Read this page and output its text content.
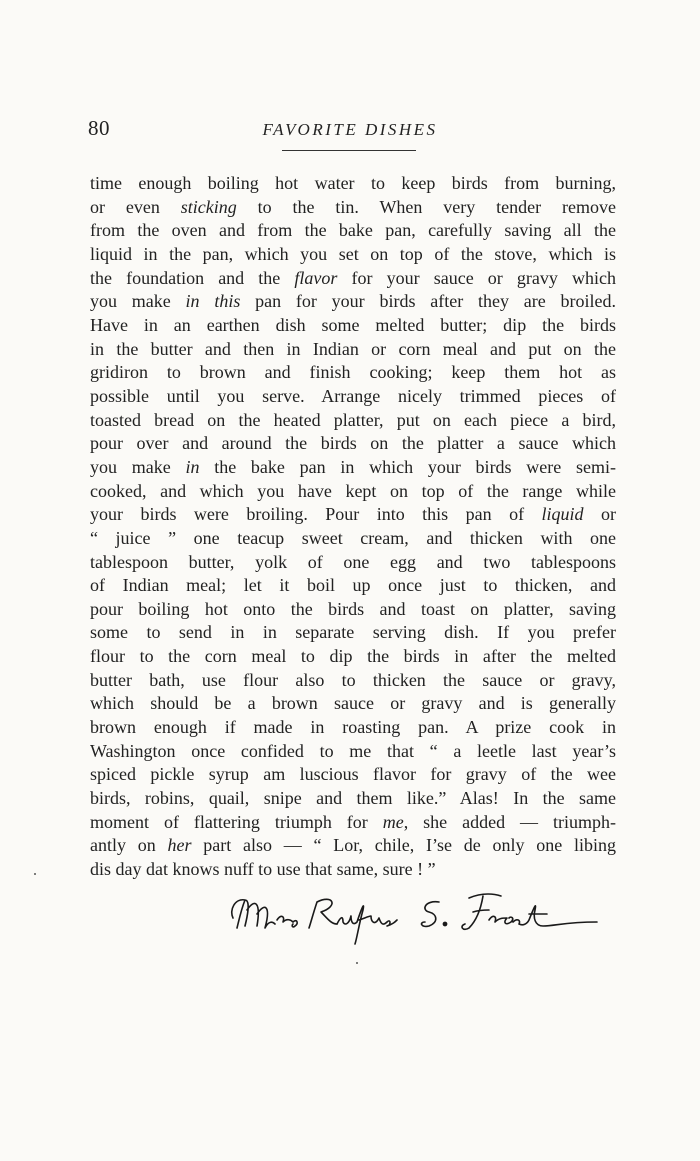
80	FAVORITE DISHES
time enough boiling hot water to keep birds from burning,
or even sticking to the tin. When very tender remove
from the oven and from the bake pan, carefully saving all the
liquid in the pan, which you set on top of the stove, which is
the foundation and the flavor for your sauce or gravy which
you make in this pan for your birds after they are broiled.
Have in an earthen dish some melted butter; dip the birds
in the butter and then in Indian or corn meal and put on the
gridiron to brown and finish cooking; keep them hot as
possible until you serve. Arrange nicely trimmed pieces of
toasted bread on the heated platter, put on each piece a bird,
pour over and around the birds on the platter a sauce which
you make in the bake pan in which your birds were semi-
cooked, and which you have kept on top of the range while
your birds were broiling. Pour into this pan of liquid or
“ juice ” one teacup sweet cream, and thicken with one
tablespoon butter, yolk of one egg and two tablespoons
of Indian meal; let it boil up once just to thicken, and
pour boiling hot onto the birds and toast on platter, saving
some to send in in separate serving dish. If you prefer
flour to the corn meal to dip the birds in after the melted
butter bath, use flour also to thicken the sauce or gravy,
which should be a brown sauce or gravy and is generally
brown enough if made in roasting pan. A prize cook in
Washington once confided to me that “ a leetle last year’s
spiced pickle syrup am luscious flavor for gravy of the wee
birds, robins, quail, snipe and them like.” Alas! In the same
moment of flattering triumph for me, she added — triumph-
antly on her part also — “ Lor, chile, I’se de only one libing
dis day dat knows nuff to use that same, sure ! ”
